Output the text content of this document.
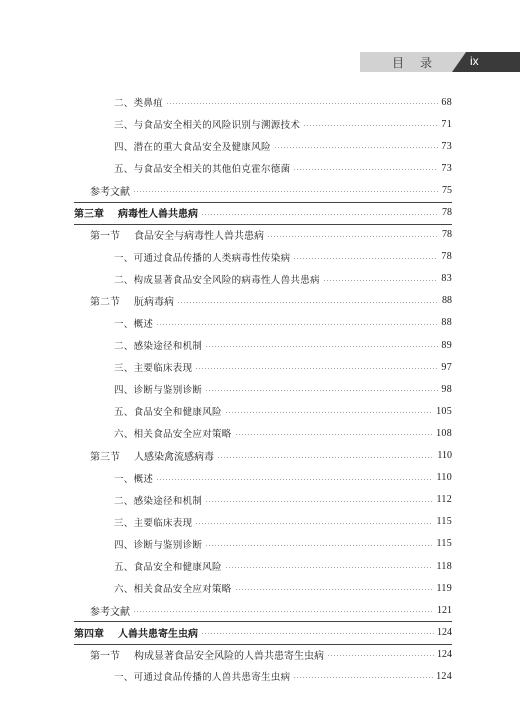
目录 ix
二、类鼻疽	68
三、与食品安全相关的风险识别与溯源技术	71
四、潜在的重大食品安全及健康风险	73
五、与食品安全相关的其他伯克霍尔德菌	73
参考文献	75
第三章 病毒性人兽共患病	78
第一节 食品安全与病毒性人兽共患病	78
一、可通过食品传播的人类病毒性传染病	78
二、构成显著食品安全风险的病毒性人兽共患病	83
第二节 朊病毒病	88
一、概述	88
二、感染途径和机制	89
三、主要临床表现	97
四、诊断与鉴别诊断	98
五、食品安全和健康风险	105
六、相关食品安全应对策略	108
第三节 人感染禽流感病毒	110
一、概述	110
二、感染途径和机制	112
三、主要临床表现	115
四、诊断与鉴别诊断	115
五、食品安全和健康风险	118
六、相关食品安全应对策略	119
参考文献	121
第四章 人兽共患寄生虫病	124
第一节 构成显著食品安全风险的人兽共患寄生虫病	124
一、可通过食品传播的人兽共患寄生虫病	124
